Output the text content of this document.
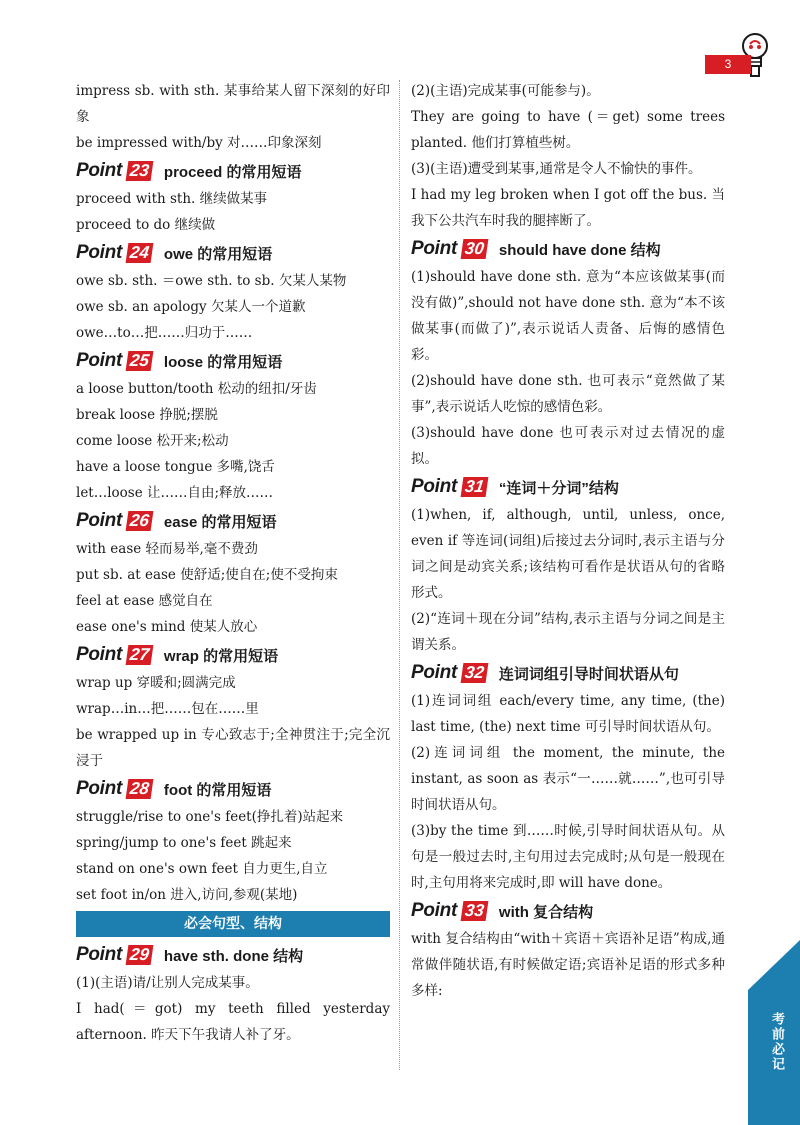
3

impress sb. with sth. 某事给某人留下深刻的好印象

be impressed with/by 对……印象深刻

Point 23 proceed 的常用短语

proceed with sth. 继续做某事

proceed to do 继续做

Point 24 owe 的常用短语

owe sb. sth. ＝owe sth. to sb. 欠某人某物

owe sb. an apology 欠某人一个道歉

owe…to…把……归功于……

Point 25 loose 的常用短语

a loose button/tooth 松动的纽扣/牙齿

break loose 挣脱;摆脱

come loose 松开来;松动

have a loose tongue 多嘴,饶舌

let…loose 让……自由;释放……

Point 26 ease 的常用短语

with ease 轻而易举,毫不费劲

put sb. at ease 使舒适;使自在;使不受拘束

feel at ease 感觉自在

ease one's mind 使某人放心

Point 27 wrap 的常用短语

wrap up 穿暖和;圆满完成

wrap…in…把……包在……里

be wrapped up in 专心致志于;全神贯注于;完全沉浸于

Point 28 foot 的常用短语

struggle/rise to one's feet(挣扎着)站起来

spring/jump to one's feet 跳起来

stand on one's own feet 自力更生,自立

set foot in/on 进入,访问,参观(某地)

必会句型、结构
Point 29 have sth. done 结构

(1)(主语)请/让别人完成某事。

I had(＝got) my teeth filled yesterday afternoon. 昨天下午我请人补了牙。

(2)(主语)完成某事(可能参与)。

They are going to have (＝get) some trees planted. 他们打算植些树。

(3)(主语)遭受到某事,通常是令人不愉快的事件。

I had my leg broken when I got off the bus. 当我下公共汽车时我的腿摔断了。

Point 30 should have done 结构

(1)should have done sth. 意为“本应该做某事(而没有做)”,should not have done sth. 意为“本不该做某事(而做了)”,表示说话人责备、后悔的感情色彩。

(2)should have done sth. 也可表示“竟然做了某事”,表示说话人吃惊的感情色彩。

(3)should have done 也可表示对过去情况的虚拟。

Point 31 “连词＋分词”结构

(1)when, if, although, until, unless, once, even if 等连词(词组)后接过去分词时,表示主语与分词之间是动宾关系;该结构可看作是状语从句的省略形式。

(2)“连词＋现在分词”结构,表示主语与分词之间是主谓关系。

Point 32 连词词组引导时间状语从句

(1)连词词组 each/every time, any time, (the) last time, (the) next time 可引导时间状语从句。

(2)连词词组 the moment, the minute, the instant, as soon as 表示“一……就……”,也可引导时间状语从句。

(3)by the time 到……时候,引导时间状语从句。从句是一般过去时,主句用过去完成时;从句是一般现在时,主句用将来完成时,即 will have done。

Point 33 with 复合结构

with 复合结构由“with＋宾语＋宾语补足语”构成,通常做伴随状语,有时候做定语;宾语补足语的形式多种多样:

考前必记
